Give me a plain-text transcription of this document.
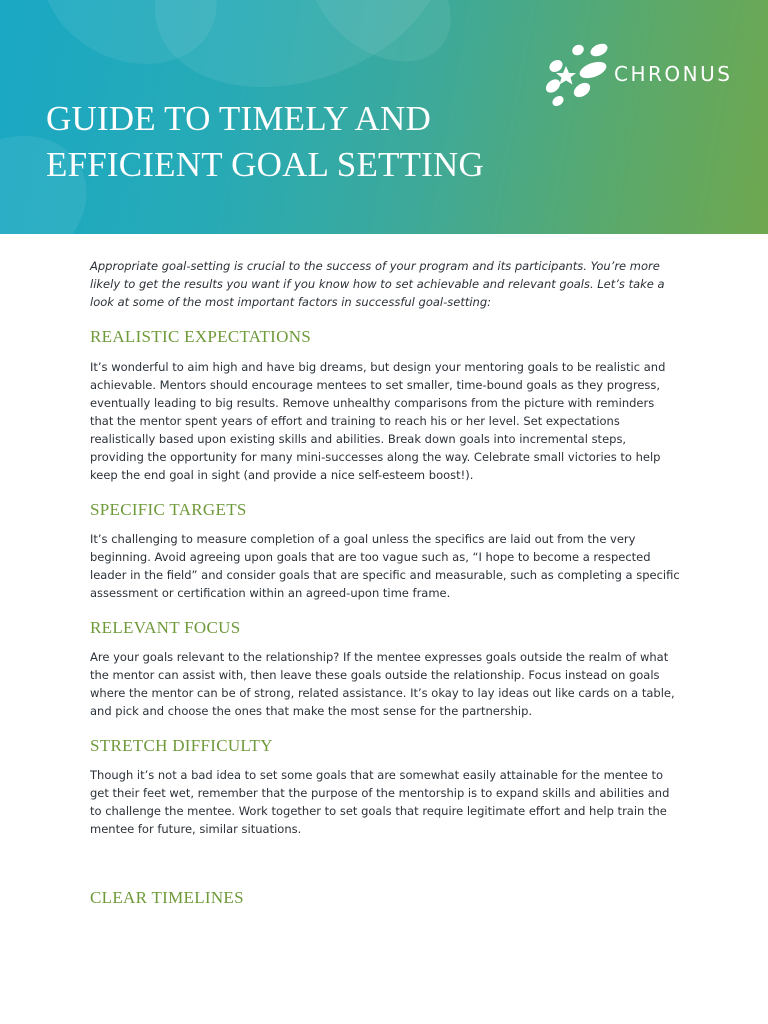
CHRONUS
GUIDE TO TIMELY AND
EFFICIENT GOAL SETTING

Appropriate goal-setting is crucial to the success of your program and its participants. You’re more likely to get the results you want if you know how to set achievable and relevant goals. Let’s take a look at some of the most important factors in successful goal-setting:

REALISTIC EXPECTATIONS

It’s wonderful to aim high and have big dreams, but design your mentoring goals to be realistic and achievable. Mentors should encourage mentees to set smaller, time-bound goals as they progress, eventually leading to big results. Remove unhealthy comparisons from the picture with reminders that the mentor spent years of effort and training to reach his or her level. Set expectations realistically based upon existing skills and abilities. Break down goals into incremental steps, providing the opportunity for many mini-successes along the way. Celebrate small victories to help keep the end goal in sight (and provide a nice self-esteem boost!).

SPECIFIC TARGETS

It’s challenging to measure completion of a goal unless the specifics are laid out from the very beginning. Avoid agreeing upon goals that are too vague such as, “I hope to become a respected leader in the field” and consider goals that are specific and measurable, such as completing a specific assessment or certification within an agreed-upon time frame.

RELEVANT FOCUS

Are your goals relevant to the relationship? If the mentee expresses goals outside the realm of what the mentor can assist with, then leave these goals outside the relationship. Focus instead on goals where the mentor can be of strong, related assistance. It’s okay to lay ideas out like cards on a table, and pick and choose the ones that make the most sense for the partnership.

STRETCH DIFFICULTY

Though it’s not a bad idea to set some goals that are somewhat easily attainable for the mentee to get their feet wet, remember that the purpose of the mentorship is to expand skills and abilities and to challenge the mentee. Work together to set goals that require legitimate effort and help train the mentee for future, similar situations.

CLEAR TIMELINES
